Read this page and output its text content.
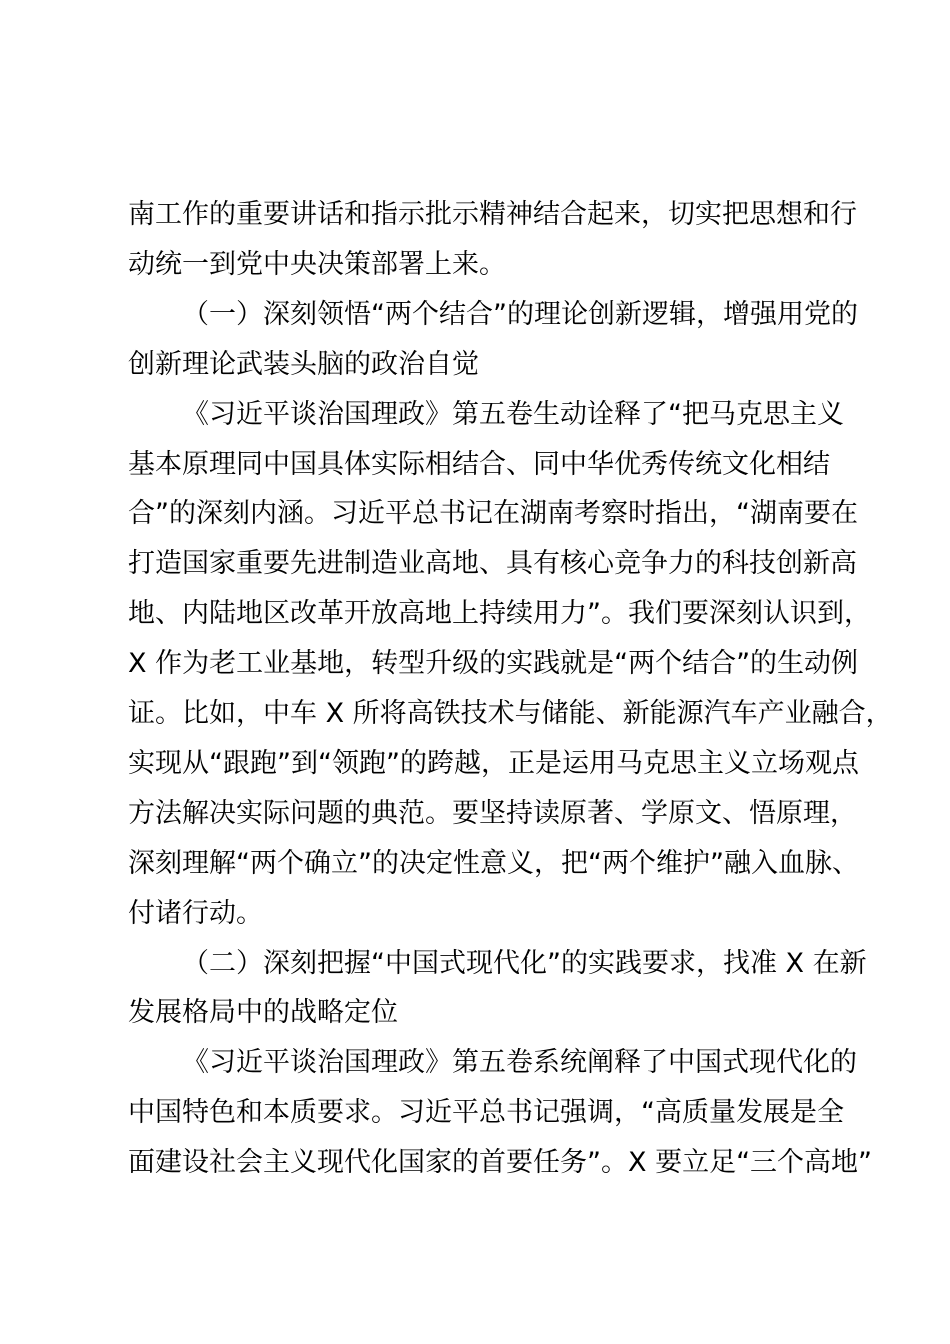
南工作的重要讲话和指示批示精神结合起来，切实把思想和行
动统一到党中央决策部署上来。
（一）深刻领悟“两个结合”的理论创新逻辑，增强用党的
创新理论武装头脑的政治自觉
《习近平谈治国理政》第五卷生动诠释了“把马克思主义
基本原理同中国具体实际相结合、同中华优秀传统文化相结
合”的深刻内涵。习近平总书记在湖南考察时指出，“湖南要在
打造国家重要先进制造业高地、具有核心竞争力的科技创新高
地、内陆地区改革开放高地上持续用力”。我们要深刻认识到，
X 作为老工业基地，转型升级的实践就是“两个结合”的生动例
证。比如，中车 X 所将高铁技术与储能、新能源汽车产业融合，
实现从“跟跑”到“领跑”的跨越，正是运用马克思主义立场观点
方法解决实际问题的典范。要坚持读原著、学原文、悟原理，
深刻理解“两个确立”的决定性意义，把“两个维护”融入血脉、
付诸行动。
（二）深刻把握“中国式现代化”的实践要求，找准 X 在新
发展格局中的战略定位
《习近平谈治国理政》第五卷系统阐释了中国式现代化的
中国特色和本质要求。习近平总书记强调，“高质量发展是全
面建设社会主义现代化国家的首要任务”。X 要立足“三个高地”
